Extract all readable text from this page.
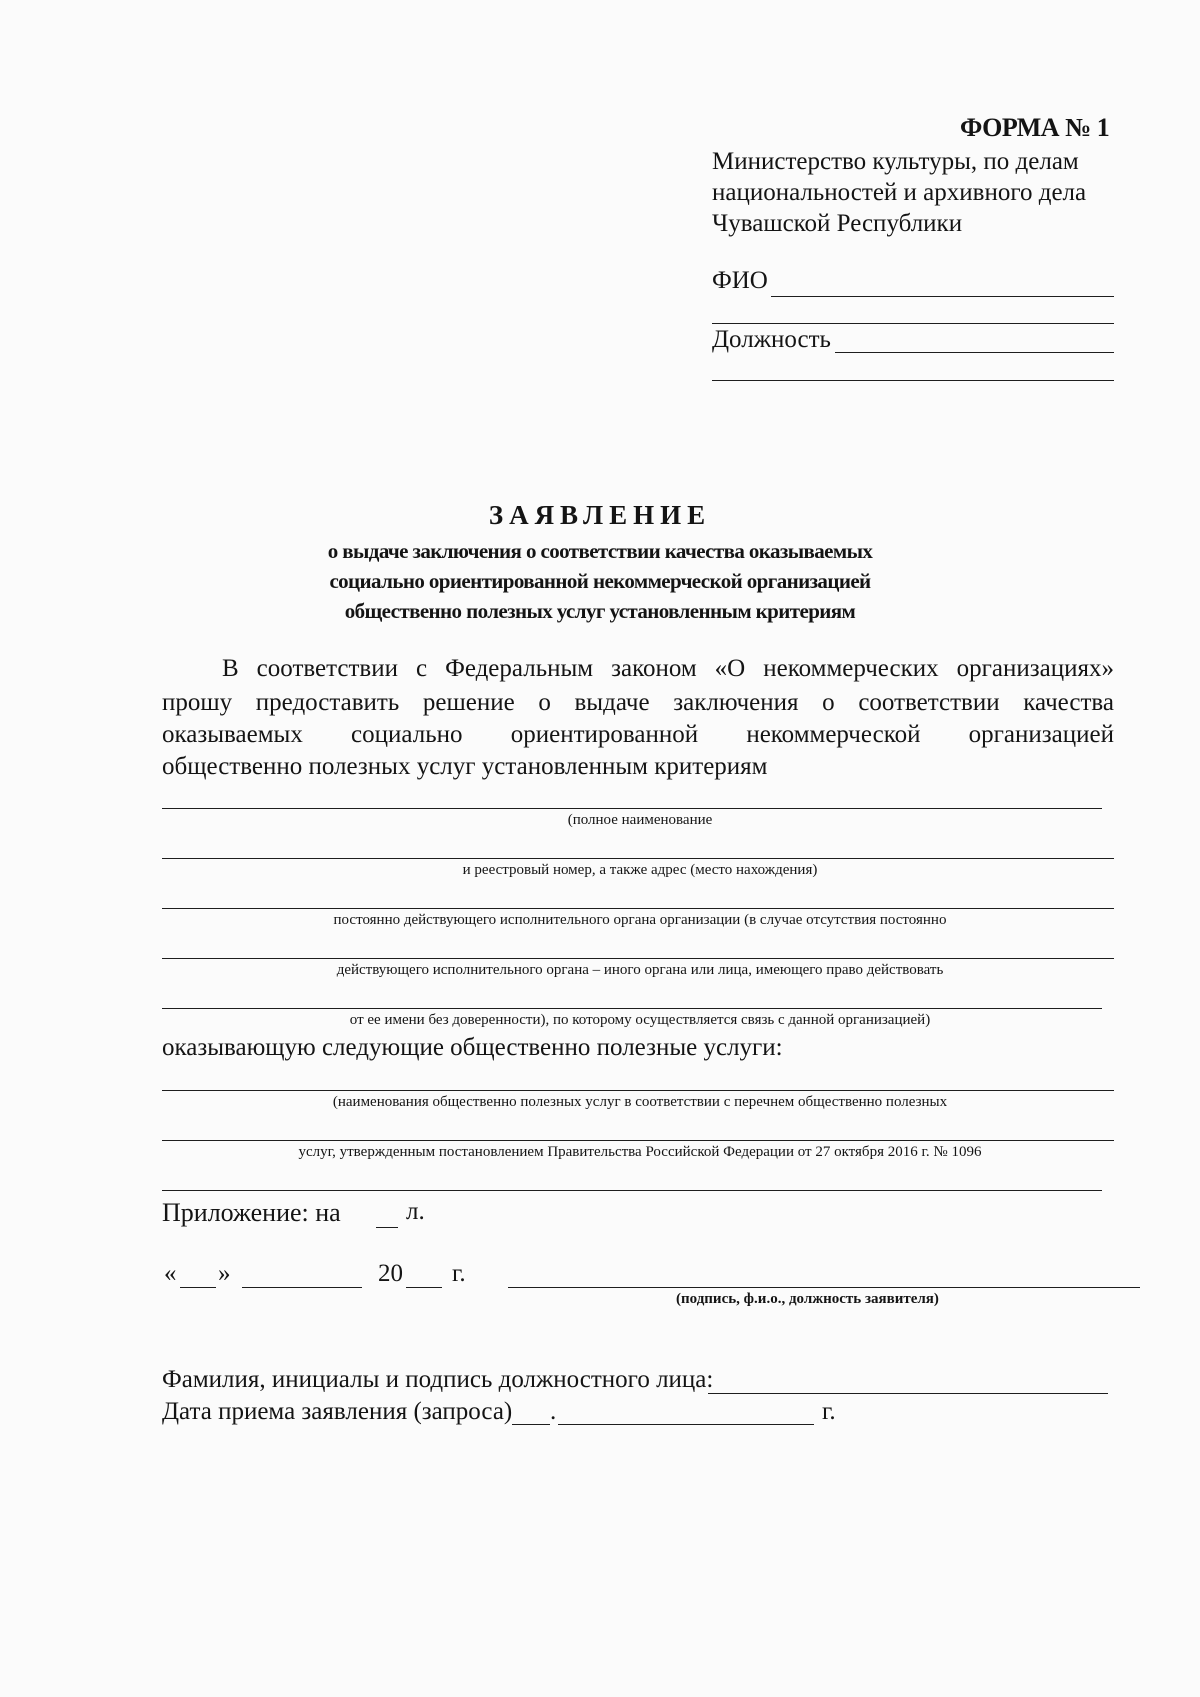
ФОРМА № 1
Министерство культуры, по делам национальностей и архивного дела Чувашской Республики
ФИО
Должность
ЗАЯВЛЕНИЕ
о выдаче заключения о соответствии качества оказываемых
социально ориентированной некоммерческой организацией
общественно полезных услуг установленным критериям
В соответствии с Федеральным законом «О некоммерческих организациях»
прошу предоставить решение о выдаче заключения о соответствии качества
оказываемых социально ориентированной некоммерческой организацией
общественно полезных услуг установленным критериям
(полное наименование
и реестровый номер, а также адрес (место нахождения)
постоянно действующего исполнительного органа организации (в случае отсутствия постоянно
действующего исполнительного органа – иного органа или лица, имеющего право действовать
от ее имени без доверенности), по которому осуществляется связь с данной организацией)
оказывающую следующие общественно полезные услуги:
(наименования общественно полезных услуг в соответствии с перечнем общественно полезных
услуг, утвержденным постановлением Правительства Российской Федерации от 27 октября 2016 г. № 1096
Приложение: на	л.
« »	20 г.
(подпись, ф.и.о., должность заявителя)
Фамилия, инициалы и подпись должностного лица:
Дата приема заявления (запроса) .	г.
